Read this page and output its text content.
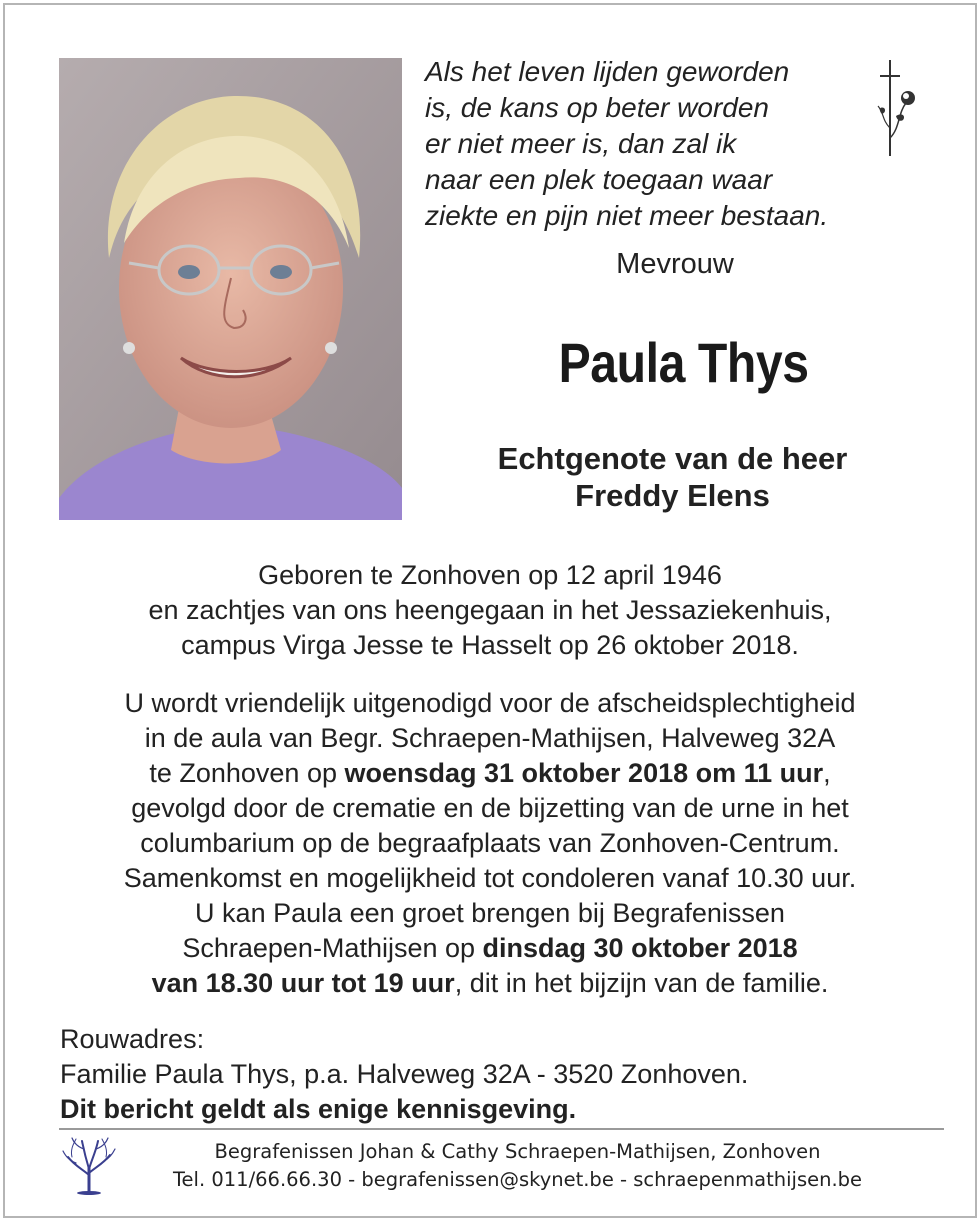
Als het leven lijden geworden
is, de kans op beter worden
er niet meer is, dan zal ik
naar een plek toegaan waar
ziekte en pijn niet meer bestaan.
Mevrouw
Paula Thys
Echtgenote van de heer
Freddy Elens
Geboren te Zonhoven op 12 april 1946
en zachtjes van ons heengegaan in het Jessaziekenhuis,
campus Virga Jesse te Hasselt op 26 oktober 2018.
U wordt vriendelijk uitgenodigd voor de afscheidsplechtigheid
in de aula van Begr. Schraepen-Mathijsen, Halveweg 32A
te Zonhoven op woensdag 31 oktober 2018 om 11 uur,
gevolgd door de crematie en de bijzetting van de urne in het
columbarium op de begraafplaats van Zonhoven-Centrum.
Samenkomst en mogelijkheid tot condoleren vanaf 10.30 uur.
U kan Paula een groet brengen bij Begrafenissen
Schraepen-Mathijsen op dinsdag 30 oktober 2018
van 18.30 uur tot 19 uur, dit in het bijzijn van de familie.
Rouwadres:
Familie Paula Thys, p.a. Halveweg 32A - 3520 Zonhoven.
Dit bericht geldt als enige kennisgeving.
Begrafenissen Johan & Cathy Schraepen-Mathijsen, Zonhoven
Tel. 011/66.66.30 - begrafenissen@skynet.be - schraepenmathijsen.be
